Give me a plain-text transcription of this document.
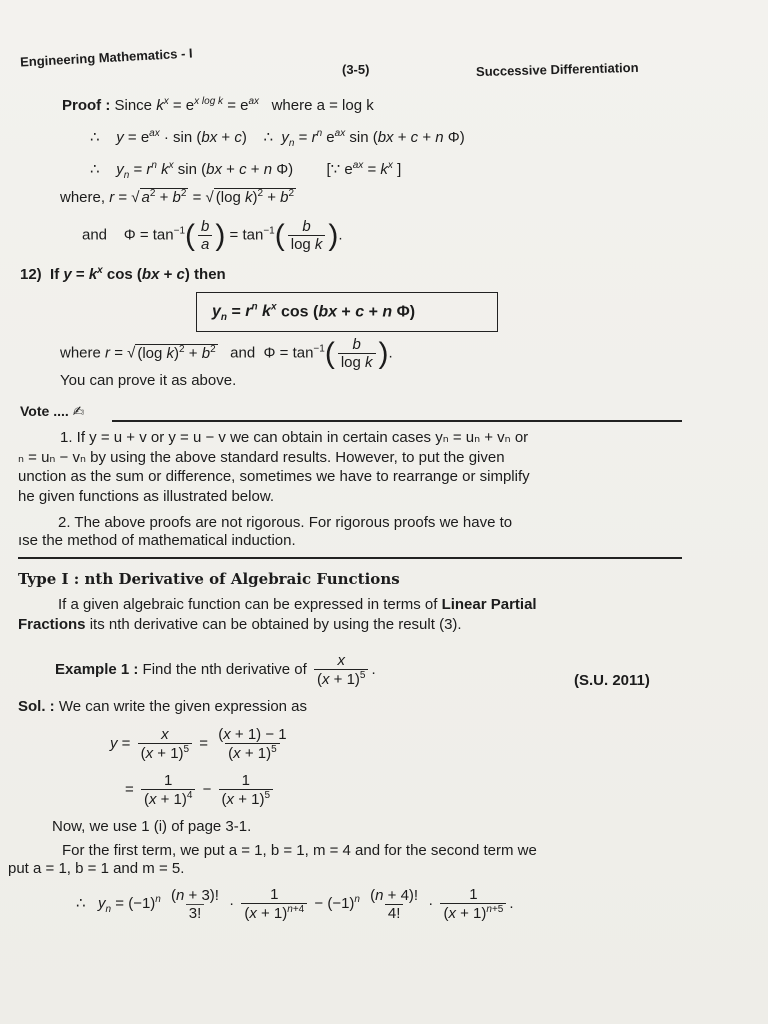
Engineering Mathematics - I	(3-5)	Successive Differentiation
Proof : Since $k^x = e^{x log k} = e^{ax}$ where a = log k
∴    $y = e^{ax} \cdot \sin (bx + c)$    ∴  $y_n = r^n$ $e^{ax}$ sin (bx + c + n Φ)
∴    $y_n = r^n$ $k^x$ sin (bx + c + n Φ)        [∵ $e^{ax} = k^x$ ]
where, r = √ $a^2 + b^2$ = √ (log $k)^2 + b^2$
and    $\Phi = \tan^{-1}( \frac{b}{a}$ ) = $\tan^{-1}( \frac{b}{\text{log k}}$ ).
12)  If $y = k^x$ cos (bx + c) then
$y_n = r^n$ $k^x$ cos (bx + c + n Φ)
where r = √ (log $k)^2 + b^2$ and  $\Phi = \tan^{-1}( \frac{b}{\text{log k}}$ ).
You can prove it as above.
Vote .... ✍
1. If y = u + v or y = u − v we can obtain in certain cases yₙ = uₙ + vₙ or
ₙ = uₙ − vₙ by using the above standard results. However, to put the given
unction as the sum or difference, sometimes we have to rearrange or simplify
he given functions as illustrated below.
2. The above proofs are not rigorous. For rigorous proofs we have to
ıse the method of mathematical induction.
Type I : nth Derivative of Algebraic Functions
If a given algebraic function can be expressed in terms of Linear Partial
Fractions its nth derivative can be obtained by using the result (3).
Example 1 : Find the nth derivative of $\frac{x}{(x + 1)^5}$ .
(S.U. 2011)
Sol. : We can write the given expression as
$y = \frac{x}{(x + 1)^5} = \frac{(x + 1) - 1}{(x + 1)^5}$
= $\frac{1}{(x + 1)^4} - \frac{1}{(x + 1)^5}$
Now, we use 1 (i) of page 3-1.
For the first term, we put a = 1, b = 1, m = 4 and for the second term we
put a = 1, b = 1 and m = 5.
∴   $y_n = (-1)^n \frac{(n + 3)!}{3!} \cdot \frac{1}{(x + 1)^{n+4}} - (-1)^n \frac{(n + 4)!}{4!} \cdot \frac{1}{(x + 1)^{n+5}}$ .
